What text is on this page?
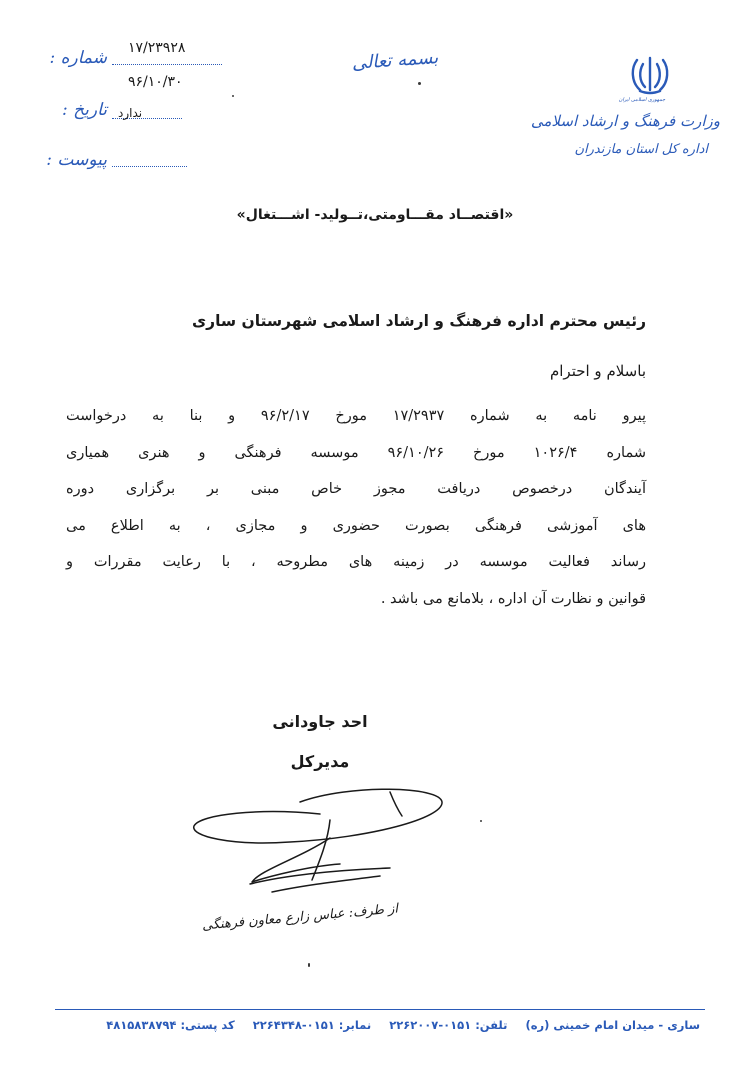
جمهوری اسلامی ایران
وزارت فرهنگ و ارشاد اسلامی
اداره کل استان مازندران
بسمه تعالی
شماره : ۱۷/۲۳۹۲۸
۹۶/۱۰/۳۰
تاریخ : ندارد
پیوست :
«اقتصــاد مقـــاومتی،تــولید- اشـــتغال»
رئیس محترم اداره فرهنگ و ارشاد اسلامی شهرستان ساری
باسلام و احترام
پیرو نامه به شماره ۱۷/۲۹۳۷ مورخ ۹۶/۲/۱۷ و بنا به درخواست
شماره ۱۰۲۶/۴ مورخ ۹۶/۱۰/۲۶ موسسه فرهنگی و هنری همیاری
آیندگان درخصوص دریافت مجوز خاص مبنی بر برگزاری دوره
های آموزشی فرهنگی بصورت حضوری و مجازی ، به اطلاع می
رساند فعالیت موسسه در زمینه های مطروحه ، با رعایت مقررات و
قوانین و نظارت آن اداره ، بلامانع می باشد .
احد جاودانی
مدیرکل
از طرف: عباس زارع معاون فرهنگی
ساری - میدان امام خمینی (ره) تلفن: ۰۱۵۱-۲۲۶۲۰۰۷ نمابر: ۰۱۵۱-۲۲۶۴۳۴۸ کد پستی: ۴۸۱۵۸۳۸۷۹۴
